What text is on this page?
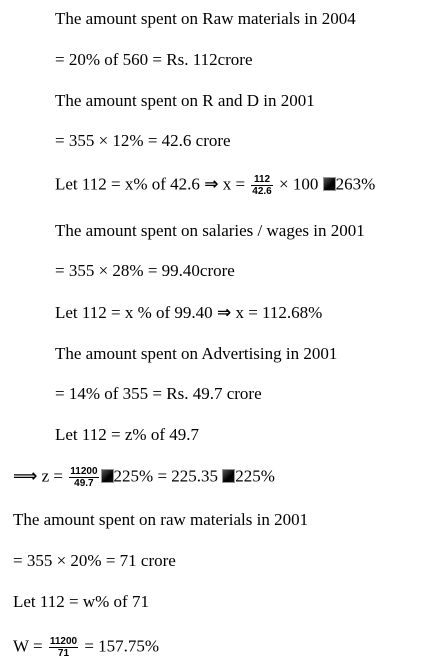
The amount spent on Raw materials in 2004
= 20% of 560 = Rs. 112crore
The amount spent on R and D in 2001
= 355 × 12% = 42.6 crore
Let 112 = x% of 42.6 ⇒ $x = \frac{112}{42.6} \times 100$ 263%
The amount spent on salaries / wages in 2001
= 355 × 28% = 99.40crore
Let 112 = x % of 99.40 ⇒ x = 112.68%
The amount spent on Advertising in 2001
= 14% of 355 = Rs. 49.7 crore
Let 112 = z% of 49.7
⟹ $z = \frac{11200}{49.7} 225\% = 225.35$ 225%
The amount spent on raw materials in 2001
= 355 × 20% = 71 crore
Let 112 = w% of 71
$W = \frac{11200}{71} = 157.75\%$
